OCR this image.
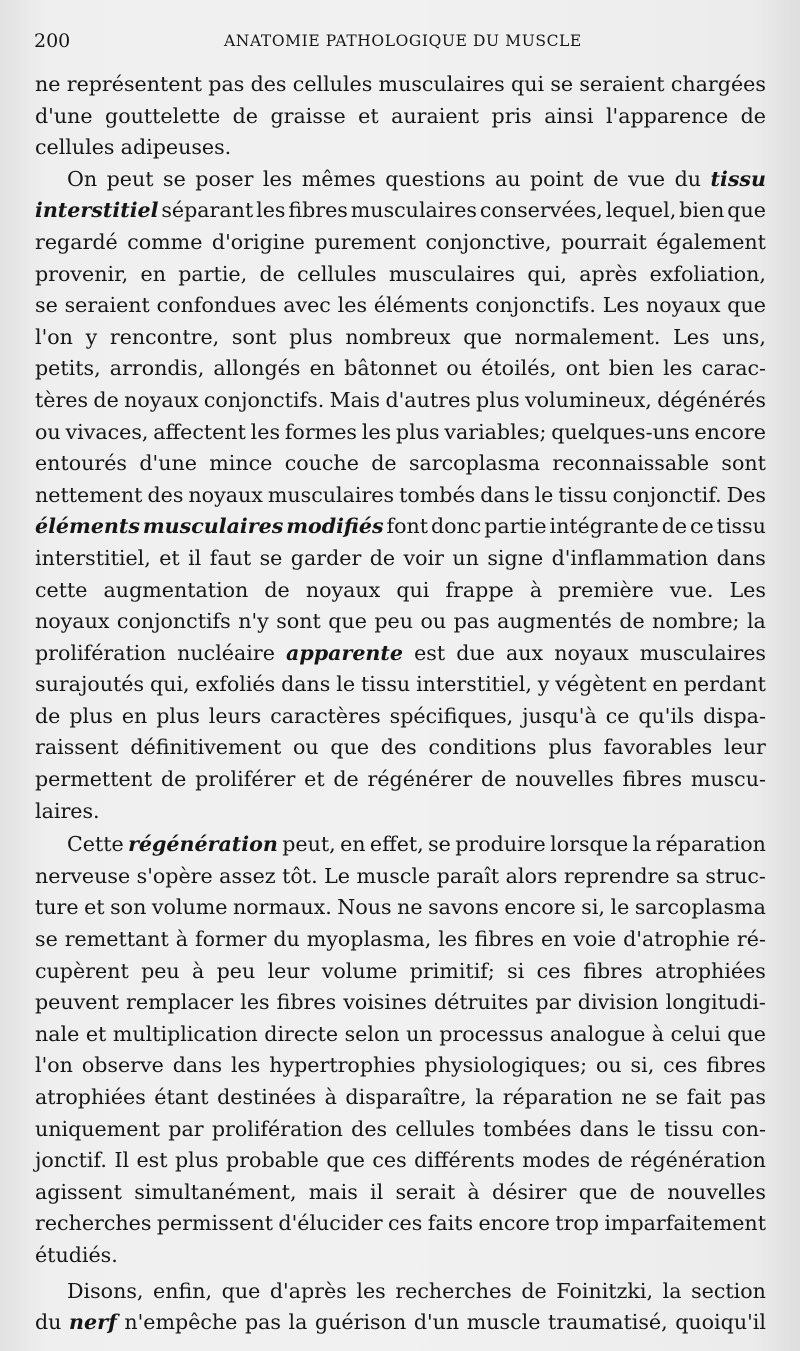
200	ANATOMIE PATHOLOGIQUE DU MUSCLE
ne représentent pas des cellules musculaires qui se seraient chargées
d'une gouttelette de graisse et auraient pris ainsi l'apparence de
cellules adipeuses.
On peut se poser les mêmes questions au point de vue du tissu
interstitiel séparant les fibres musculaires conservées, lequel, bien que
regardé comme d'origine purement conjonctive, pourrait également
provenir, en partie, de cellules musculaires qui, après exfoliation,
se seraient confondues avec les éléments conjonctifs. Les noyaux que
l'on y rencontre, sont plus nombreux que normalement. Les uns,
petits, arrondis, allongés en bâtonnet ou étoilés, ont bien les carac-
tères de noyaux conjonctifs. Mais d'autres plus volumineux, dégénérés
ou vivaces, affectent les formes les plus variables; quelques-uns encore
entourés d'une mince couche de sarcoplasma reconnaissable sont
nettement des noyaux musculaires tombés dans le tissu conjonctif. Des
éléments musculaires modifiés font donc partie intégrante de ce tissu
interstitiel, et il faut se garder de voir un signe d'inflammation dans
cette augmentation de noyaux qui frappe à première vue. Les
noyaux conjonctifs n'y sont que peu ou pas augmentés de nombre; la
prolifération nucléaire apparente est due aux noyaux musculaires
surajoutés qui, exfoliés dans le tissu interstitiel, y végètent en perdant
de plus en plus leurs caractères spécifiques, jusqu'à ce qu'ils dispa-
raissent définitivement ou que des conditions plus favorables leur
permettent de proliférer et de régénérer de nouvelles fibres muscu-
laires.
Cette régénération peut, en effet, se produire lorsque la réparation
nerveuse s'opère assez tôt. Le muscle paraît alors reprendre sa struc-
ture et son volume normaux. Nous ne savons encore si, le sarcoplasma
se remettant à former du myoplasma, les fibres en voie d'atrophie ré-
cupèrent peu à peu leur volume primitif; si ces fibres atrophiées
peuvent remplacer les fibres voisines détruites par division longitudi-
nale et multiplication directe selon un processus analogue à celui que
l'on observe dans les hypertrophies physiologiques; ou si, ces fibres
atrophiées étant destinées à disparaître, la réparation ne se fait pas
uniquement par prolifération des cellules tombées dans le tissu con-
jonctif. Il est plus probable que ces différents modes de régénération
agissent simultanément, mais il serait à désirer que de nouvelles
recherches permissent d'élucider ces faits encore trop imparfaitement
étudiés.
Disons, enfin, que d'après les recherches de Foinitzki, la section
du nerf n'empêche pas la guérison d'un muscle traumatisé, quoiqu'il
